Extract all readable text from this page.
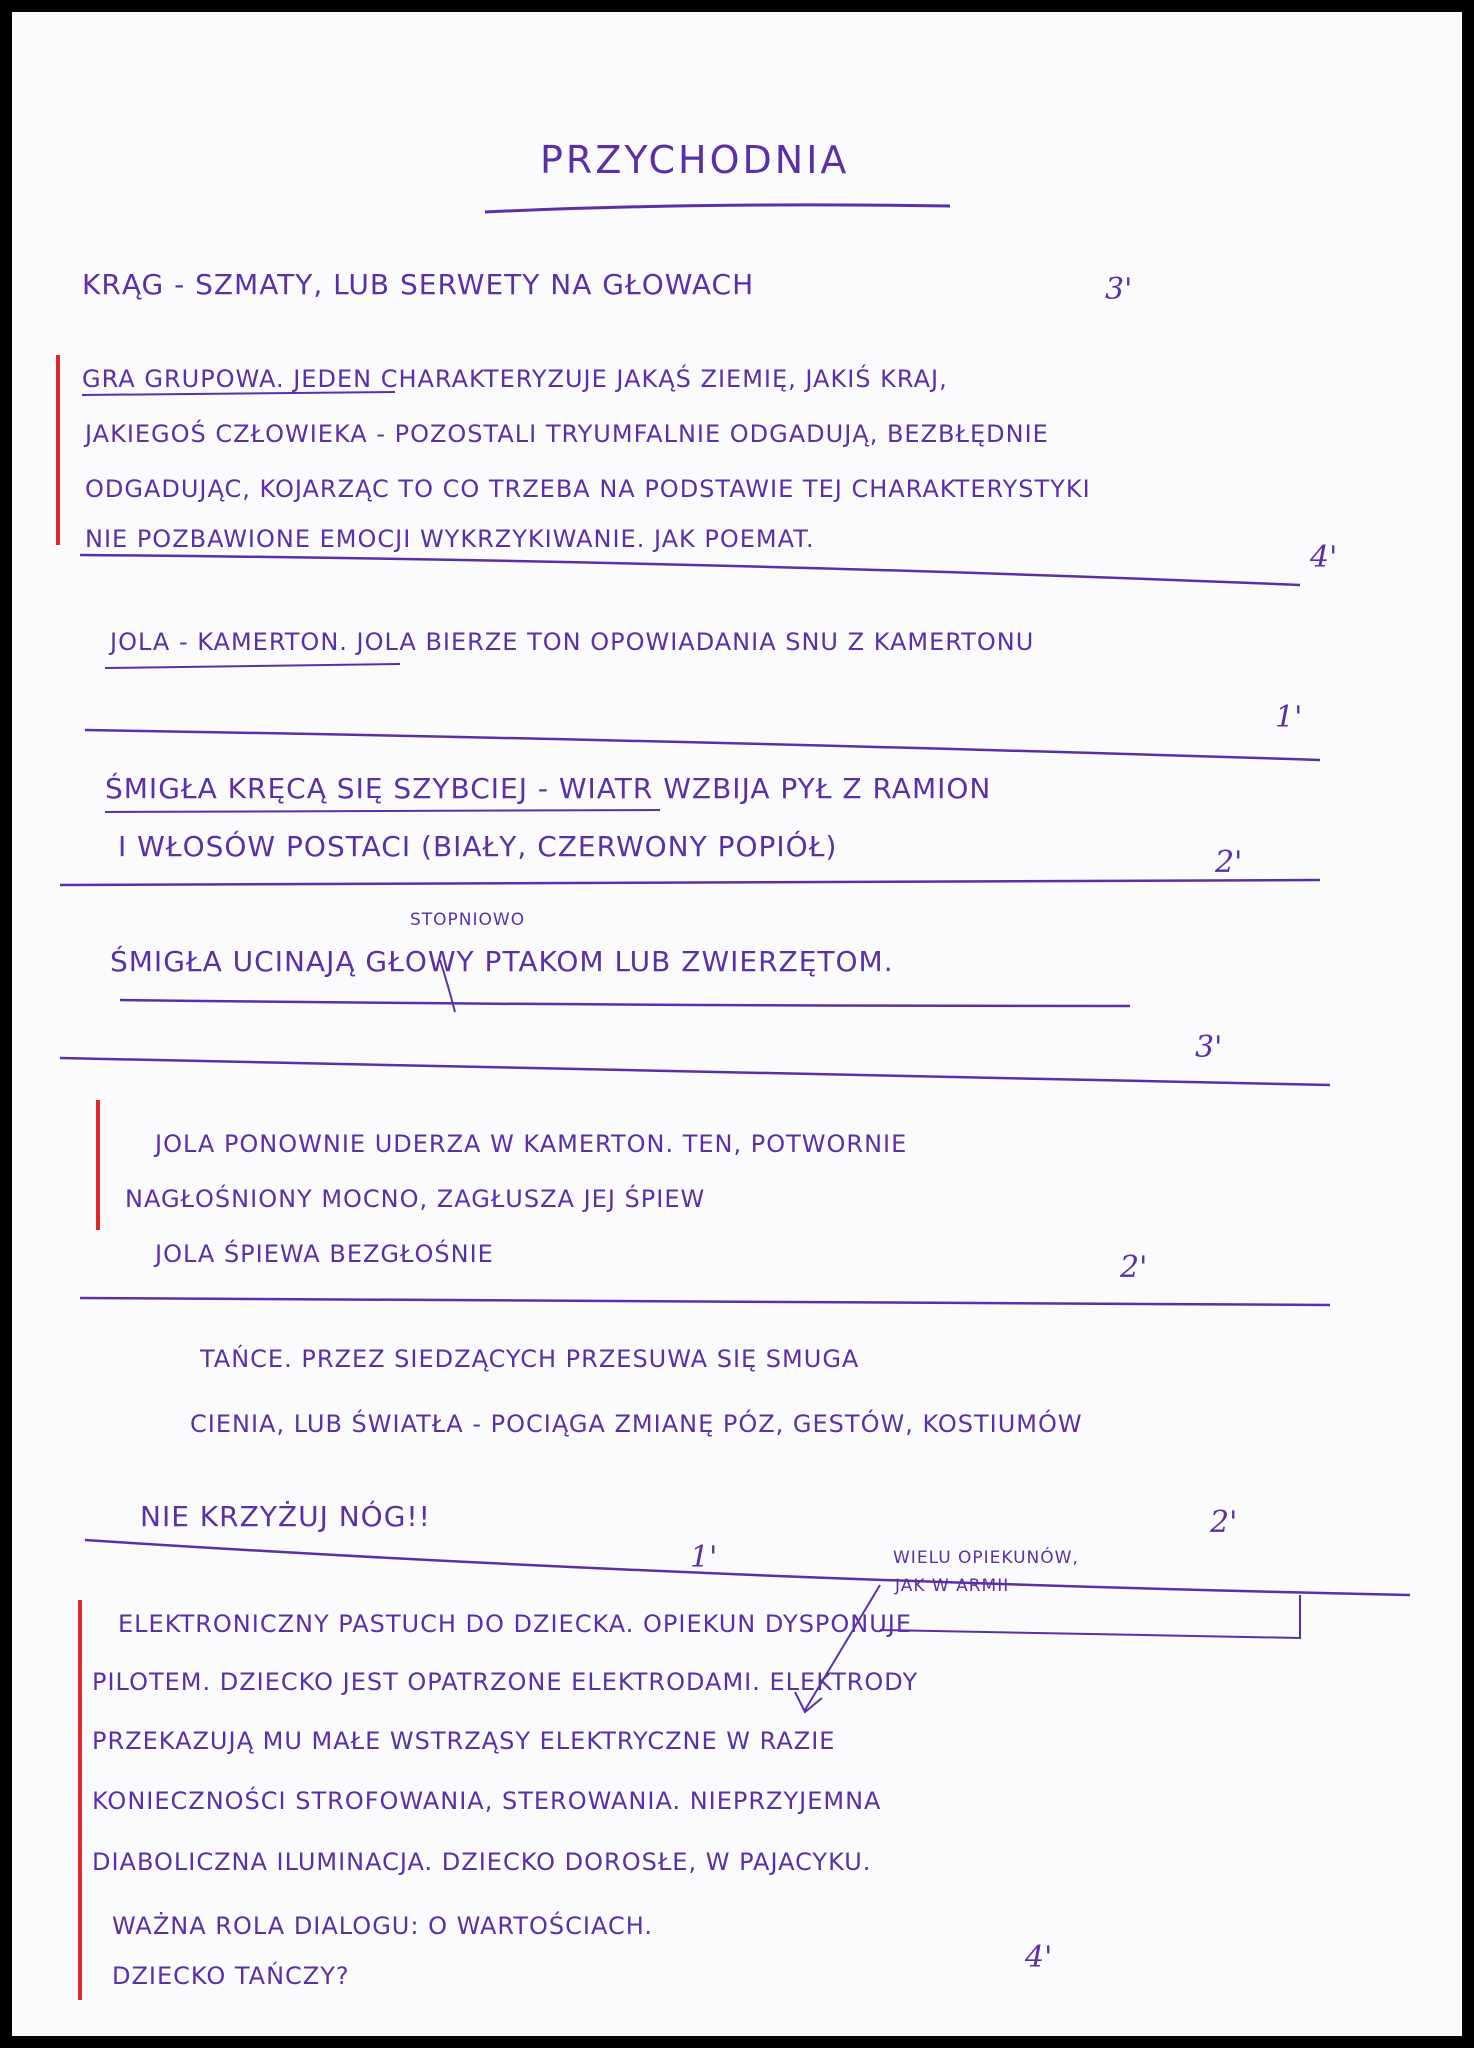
PRZYCHODNIA
KRĄG - SZMATY, LUB SERWETY NA GŁOWACH	3'
GRA GRUPOWA. JEDEN CHARAKTERYZUJE JAKĄŚ ZIEMIĘ, JAKIŚ KRAJ,
JAKIEGOŚ CZŁOWIEKA - POZOSTALI TRYUMFALNIE ODGADUJĄ, BEZBŁĘDNIE
ODGADUJĄC, KOJARZĄC TO CO TRZEBA NA PODSTAWIE TEJ CHARAKTERYSTYKI
NIE POZBAWIONE EMOCJI WYKRZYKIWANIE. JAK POEMAT.
4'
JOLA - KAMERTON. JOLA BIERZE TON OPOWIADANIA SNU Z KAMERTONU
1'
ŚMIGŁA KRĘCĄ SIĘ SZYBCIEJ - WIATR WZBIJA PYŁ Z RAMION
I WŁOSÓW POSTACI (BIAŁY, CZERWONY POPIÓŁ)	2'
STOPNIOWO
ŚMIGŁA UCINAJĄ GŁOWY PTAKOM LUB ZWIERZĘTOM.
3'
JOLA PONOWNIE UDERZA W KAMERTON. TEN, POTWORNIE
NAGŁOŚNIONY MOCNO, ZAGŁUSZA JEJ ŚPIEW
JOLA ŚPIEWA BEZGŁOŚNIE	2'
TAŃCE. PRZEZ SIEDZĄCYCH PRZESUWA SIĘ SMUGA
CIENIA, LUB ŚWIATŁA - POCIĄGA ZMIANĘ PÓZ, GESTÓW, KOSTIUMÓW
NIE KRZYŻUJ NÓG!!	2'
1'	WIELU OPIEKUNÓW,
JAK W ARMII
ELEKTRONICZNY PASTUCH DO DZIECKA. OPIEKUN DYSPONUJE
PILOTEM. DZIECKO JEST OPATRZONE ELEKTRODAMI. ELEKTRODY
PRZEKAZUJĄ MU MAŁE WSTRZĄSY ELEKTRYCZNE W RAZIE
KONIECZNOŚCI STROFOWANIA, STEROWANIA. NIEPRZYJEMNA
DIABOLICZNA ILUMINACJA. DZIECKO DOROSŁE, W PAJACYKU.
WAŻNA ROLA DIALOGU: O WARTOŚCIACH.
DZIECKO TAŃCZY?
4'
